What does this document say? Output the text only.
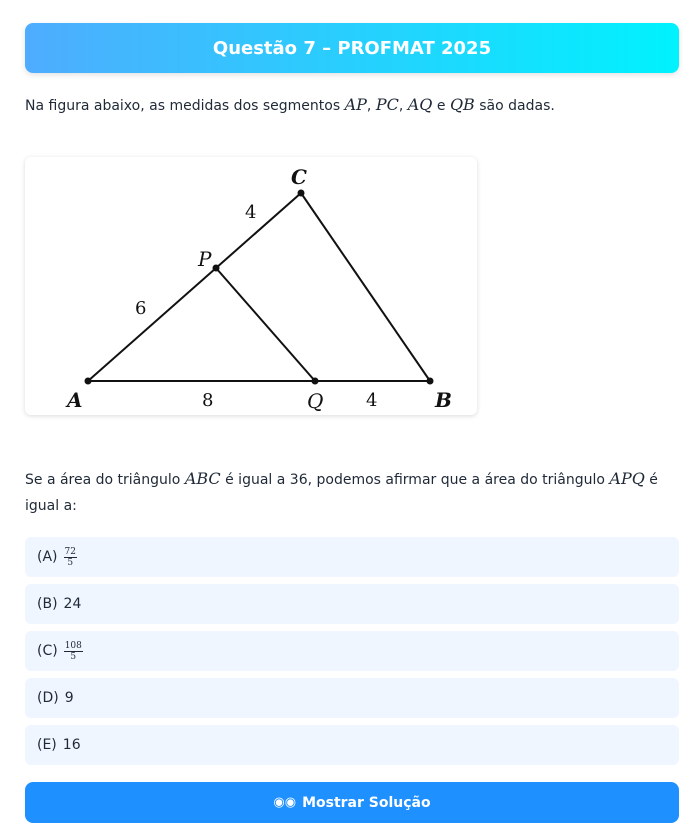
Questão 7 – PROFMAT 2025
Na figura abaixo, as medidas dos segmentos AP, PC, AQ e QB são dadas.
A	B
C
P
Q
6
4
8	4
Se a área do triângulo ABC é igual a 36, podemos afirmar que a área do triângulo APQ é igual a:
$(A) \frac{72}{5}$
(B) 24
$(C) \frac{108}{5}$
(D) 9
(E) 16
◉◉ Mostrar Solução
